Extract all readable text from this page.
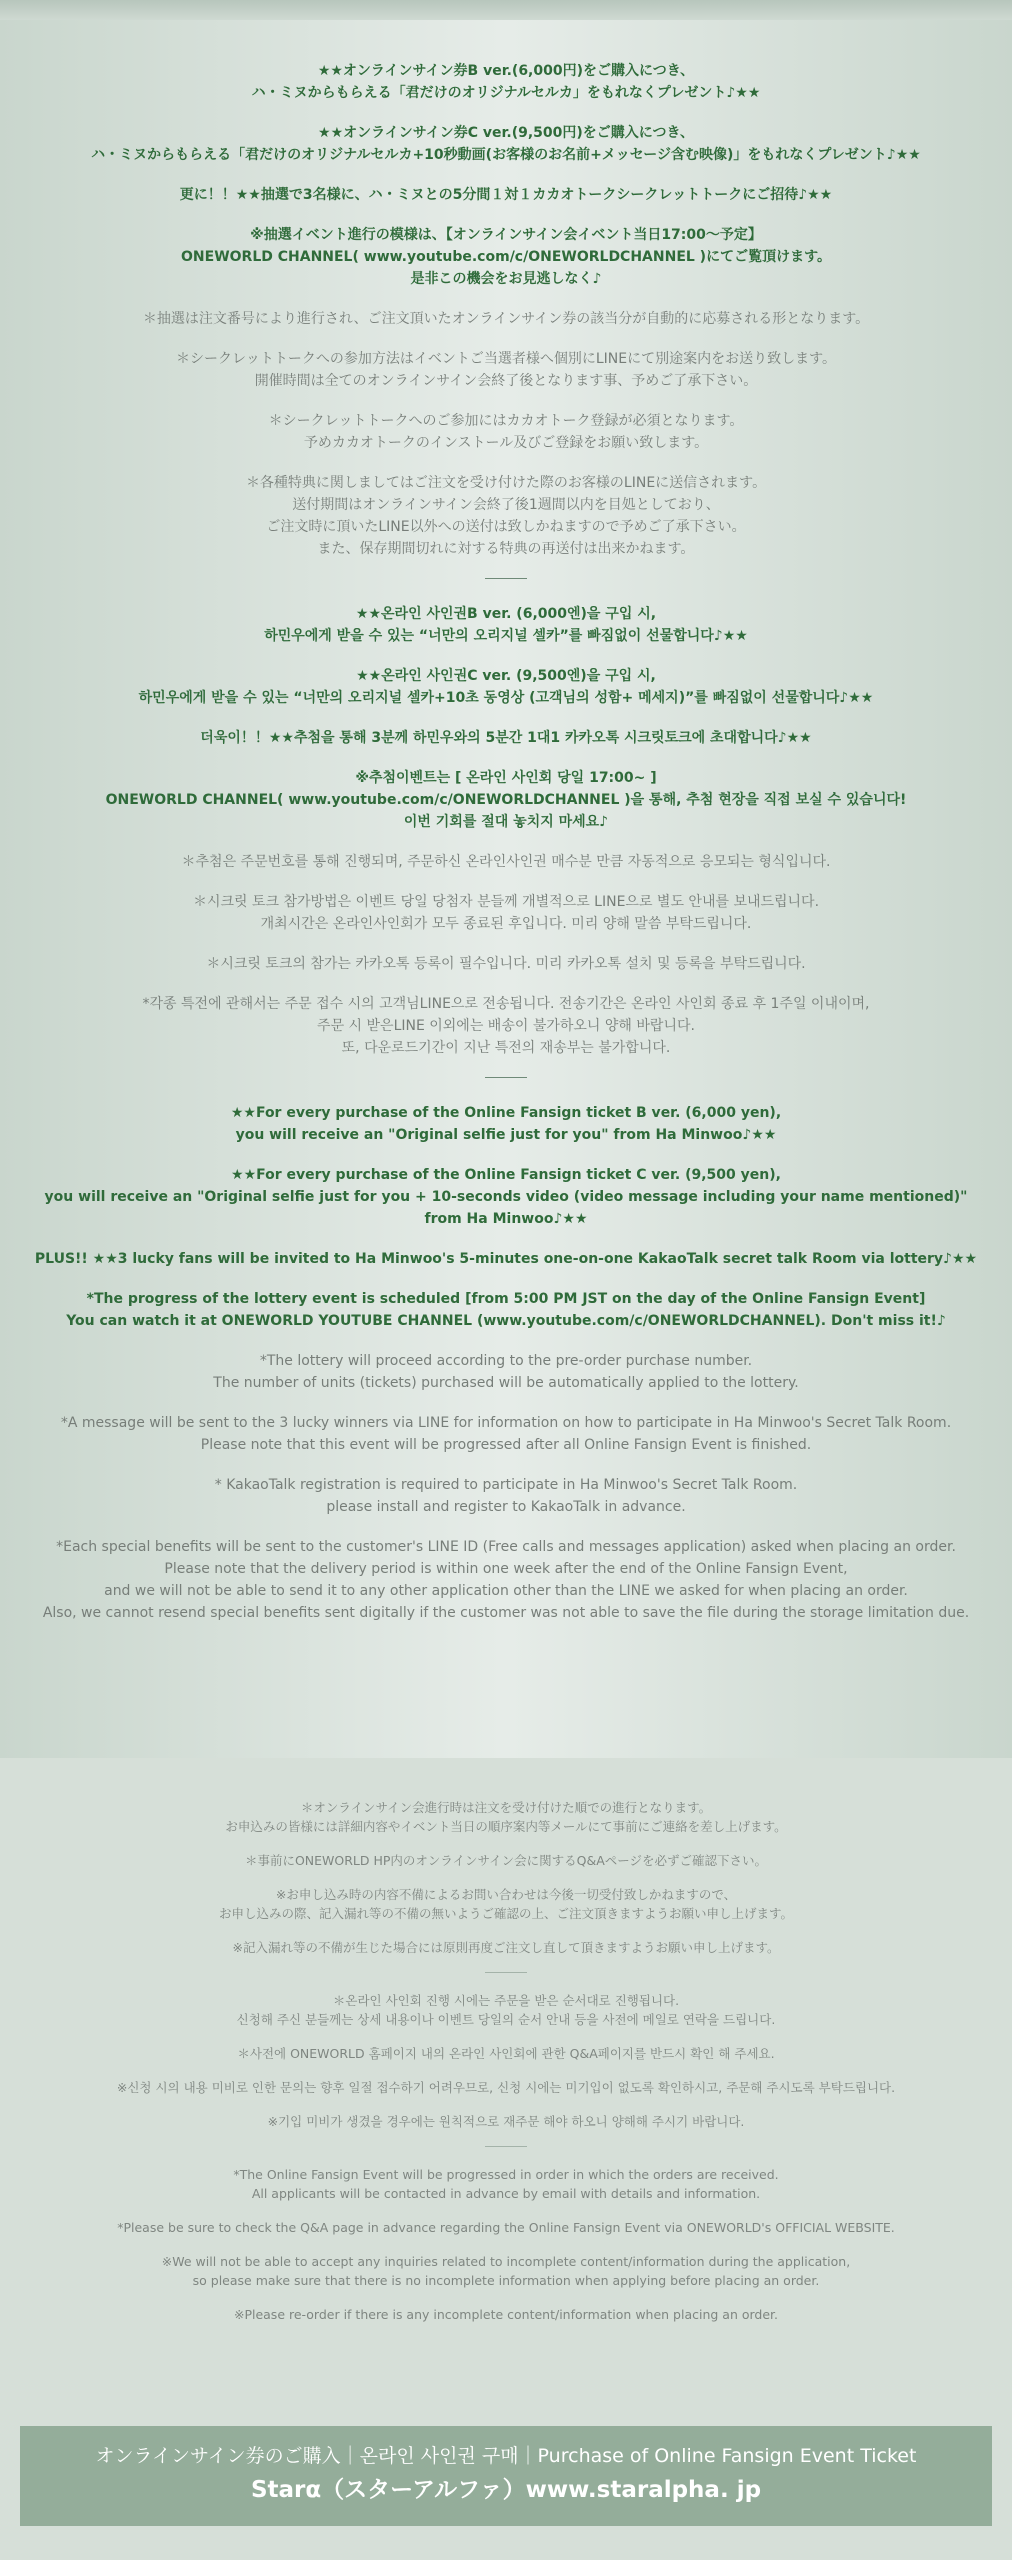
★★オンラインサイン券B ver.(6,000円)をご購入につき、
ハ・ミヌからもらえる「君だけのオリジナルセルカ」をもれなくプレゼント♪★★
★★オンラインサイン券C ver.(9,500円)をご購入につき、
ハ・ミヌからもらえる「君だけのオリジナルセルカ+10秒動画(お客様のお名前+メッセージ含む映像)」をもれなくプレゼント♪★★
更に！！★★抽選で3名様に、ハ・ミヌとの5分間１対１カカオトークシークレットトークにご招待♪★★
※抽選イベント進行の模様は、【オンラインサイン会イベント当日17:00〜予定】
ONEWORLD CHANNEL( www.youtube.com/c/ONEWORLDCHANNEL )にてご覧頂けます。
是非この機会をお見逃しなく♪
＊抽選は注文番号により進行され、ご注文頂いたオンラインサイン券の該当分が自動的に応募される形となります。
＊シークレットトークへの参加方法はイベントご当選者様へ個別にLINEにて別途案内をお送り致します。
開催時間は全てのオンラインサイン会終了後となります事、予めご了承下さい。
＊シークレットトークへのご参加にはカカオトーク登録が必須となります。
予めカカオトークのインストール及びご登録をお願い致します。
＊各種特典に関しましてはご注文を受け付けた際のお客様のLINEに送信されます。
送付期間はオンラインサイン会終了後1週間以内を目処としており、
ご注文時に頂いたLINE以外への送付は致しかねますので予めご了承下さい。
また、保存期間切れに対する特典の再送付は出来かねます。
★★온라인 사인권B ver. (6,000엔)을 구입 시,
하민우에게 받을 수 있는 “너만의 오리지널 셀카”를 빠짐없이 선물합니다♪★★
★★온라인 사인권C ver. (9,500엔)을 구입 시,
하민우에게 받을 수 있는 “너만의 오리지널 셀카+10초 동영상 (고객님의 성함+ 메세지)”를 빠짐없이 선물합니다♪★★
더욱이！！★★추첨을 통해 3분께 하민우와의 5분간 1대1 카카오톡 시크릿토크에 초대합니다♪★★
※추첨이벤트는 [ 온라인 사인회 당일 17:00~ ]
ONEWORLD CHANNEL( www.youtube.com/c/ONEWORLDCHANNEL )을 통해, 추첨 현장을 직접 보실 수 있습니다!
이번 기회를 절대 놓치지 마세요♪
＊추첨은 주문번호를 통해 진행되며, 주문하신 온라인사인권 매수분 만큼 자동적으로 응모되는 형식입니다.
＊시크릿 토크 참가방법은 이벤트 당일 당첨자 분들께 개별적으로 LINE으로 별도 안내를 보내드립니다.
개최시간은 온라인사인회가 모두 종료된 후입니다. 미리 양해 말씀 부탁드립니다.
＊시크릿 토크의 참가는 카카오톡 등록이 필수입니다. 미리 카카오톡 설치 및 등록을 부탁드립니다.
*각종 특전에 관해서는 주문 접수 시의 고객님LINE으로 전송됩니다. 전송기간은 온라인 사인회 종료 후 1주일 이내이며,
주문 시 받은LINE 이외에는 배송이 불가하오니 양해 바랍니다.
또, 다운로드기간이 지난 특전의 재송부는 불가합니다.
★★For every purchase of the Online Fansign ticket B ver. (6,000 yen),
you will receive an "Original selfie just for you" from Ha Minwoo♪★★
★★For every purchase of the Online Fansign ticket C ver. (9,500 yen),
you will receive an "Original selfie just for you + 10-seconds video (video message including your name mentioned)"
from Ha Minwoo♪★★
PLUS!! ★★3 lucky fans will be invited to Ha Minwoo's 5-minutes one-on-one KakaoTalk secret talk Room via lottery♪★★
*The progress of the lottery event is scheduled [from 5:00 PM JST on the day of the Online Fansign Event]
You can watch it at ONEWORLD YOUTUBE CHANNEL (www.youtube.com/c/ONEWORLDCHANNEL). Don't miss it!♪
*The lottery will proceed according to the pre-order purchase number.
The number of units (tickets) purchased will be automatically applied to the lottery.
*A message will be sent to the 3 lucky winners via LINE for information on how to participate in Ha Minwoo's Secret Talk Room.
Please note that this event will be progressed after all Online Fansign Event is finished.
* KakaoTalk registration is required to participate in Ha Minwoo's Secret Talk Room.
please install and register to KakaoTalk in advance.
*Each special benefits will be sent to the customer's LINE ID (Free calls and messages application) asked when placing an order.
Please note that the delivery period is within one week after the end of the Online Fansign Event,
and we will not be able to send it to any other application other than the LINE we asked for when placing an order.
Also, we cannot resend special benefits sent digitally if the customer was not able to save the file during the storage limitation due.
＊オンラインサイン会進行時は注文を受け付けた順での進行となります。
お申込みの皆様には詳細内容やイベント当日の順序案内等メールにて事前にご連絡を差し上げます。
＊事前にONEWORLD HP内のオンラインサイン会に関するQ&Aページを必ずご確認下さい。
※お申し込み時の内容不備によるお問い合わせは今後一切受付致しかねますので、
お申し込みの際、記入漏れ等の不備の無いようご確認の上、ご注文頂きますようお願い申し上げます。
※記入漏れ等の不備が生じた場合には原則再度ご注文し直して頂きますようお願い申し上げます。
＊온라인 사인회 진행 시에는 주문을 받은 순서대로 진행됩니다.
신청해 주신 분들께는 상세 내용이나 이벤트 당일의 순서 안내 등을 사전에 메일로 연락을 드립니다.
＊사전에 ONEWORLD 홈페이지 내의 온라인 사인회에 관한 Q&A페이지를 반드시 확인 해 주세요.
※신청 시의 내용 미비로 인한 문의는 향후 일절 접수하기 어려우므로, 신청 시에는 미기입이 없도록 확인하시고, 주문해 주시도록 부탁드립니다.
※기입 미비가 생겼을 경우에는 원칙적으로 재주문 해야 하오니 양해해 주시기 바랍니다.
*The Online Fansign Event will be progressed in order in which the orders are received.
All applicants will be contacted in advance by email with details and information.
*Please be sure to check the Q&A page in advance regarding the Online Fansign Event via ONEWORLD's OFFICIAL WEBSITE.
※We will not be able to accept any inquiries related to incomplete content/information during the application,
so please make sure that there is no incomplete information when applying before placing an order.
※Please re-order if there is any incomplete content/information when placing an order.
オンラインサイン券のご購入｜온라인 사인권 구매｜Purchase of Online Fansign Event Ticket
Starα（スターアルファ）www.staralpha. jp
